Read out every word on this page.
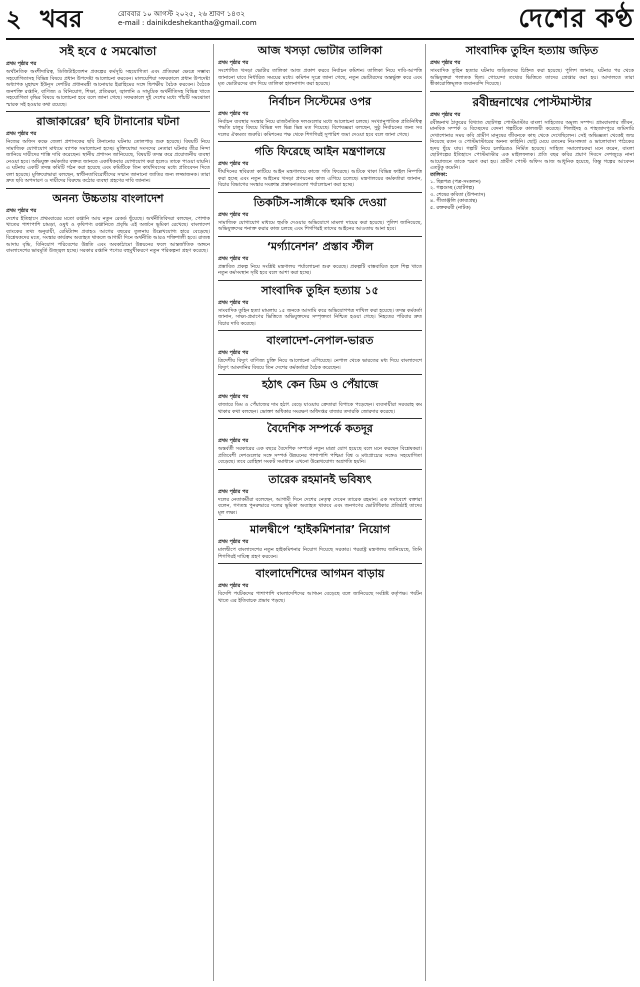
২ খবর	রোববার ১০ আগস্ট ২০২৫, ২৬ শ্রাবণ ১৪৩২
e-mail : dainikdeshekantha@gmail.com	দেশের কণ্ঠ
সই হবে ৫ সমঝোতা

প্রথম পৃষ্ঠার পর

অর্থনৈতিক অংশীদারিত্ব, ডিজিটাইজেশন প্রকল্পের কর্মসূচি সহযোগিতা এবং প্রতিরক্ষা ক্ষেত্রে সম্ভাব্য সহযোগিতাসহ বিভিন্ন বিষয়ে প্রধান উপদেষ্টা আলোচনা করবেন। মালয়েশিয়া সফরকালে প্রধান উপদেষ্টা অধ্যাপক মুহাম্মদ ইউনূস দেশটির প্রধানমন্ত্রী আনোয়ার ইব্রাহিমের সঙ্গে দ্বিপক্ষীয় বৈঠক করবেন। বৈঠকে জনশক্তি রপ্তানি, বাণিজ্য ও বিনিয়োগ, শিক্ষা, প্রতিরক্ষা, জ্বালানি ও সামুদ্রিক অর্থনীতিসহ বিভিন্ন খাতে সহযোগিতা বৃদ্ধির বিষয়ে আলোচনা হবে বলে জানা গেছে। সফরকালে দুই দেশের মধ্যে পাঁচটি সমঝোতা স্মারক সই হওয়ার কথা রয়েছে।

রাজাকারের’ ছবি টানানোর ঘটনা

প্রথম পৃষ্ঠার পর

নিজের অফিস কক্ষে জেলা প্রশাসকের ছবি টানানোর ঘটনায় তোলপাড় শুরু হয়েছে। বিষয়টি নিয়ে সামাজিক যোগাযোগ মাধ্যমে ব্যাপক সমালোচনা হচ্ছে। মুক্তিযোদ্ধা সংসদের নেতারা ঘটনার তীব্র নিন্দা জানিয়ে দায়ীদের শাস্তি দাবি করেছেন। স্থানীয় প্রশাসন জানিয়েছে, বিষয়টি তদন্ত করে প্রয়োজনীয় ব্যবস্থা নেওয়া হবে। অভিযুক্ত কর্মকর্তার বক্তব্য জানতে একাধিকবার যোগাযোগ করা হলেও তাকে পাওয়া যায়নি। এ ঘটনায় একটি তদন্ত কমিটি গঠন করা হয়েছে এবং কমিটিকে তিন কার্যদিবসের মধ্যে প্রতিবেদন দিতে বলা হয়েছে। মুক্তিযোদ্ধারা বলছেন, স্বাধীনতাবিরোধীদের সম্মান জানানো জাতির জন্য লজ্জাজনক। তারা দ্রুত ছবি অপসারণ ও দায়ীদের বিরুদ্ধে কঠোর ব্যবস্থা গ্রহণের দাবি জানান।

অনন্য উচ্চতায় বাংলাদেশ

প্রথম পৃষ্ঠার পর

দেশের ইতিহাসে প্রথমবারের মতো রপ্তানি আয় নতুন রেকর্ড ছুঁয়েছে। অর্থনীতিবিদরা বলছেন, পোশাক খাতের পাশাপাশি চামড়া, ওষুধ ও কৃষিপণ্য রপ্তানিতে প্রবৃদ্ধি এই অর্জনে ভূমিকা রেখেছে। বাংলাদেশ ব্যাংকের তথ্য অনুযায়ী, রেমিট্যান্স প্রবাহও আগের বছরের তুলনায় উল্লেখযোগ্য হারে বেড়েছে। বিশ্লেষকদের মতে, সংস্কার কার্যক্রম অব্যাহত থাকলে আগামী দিনে অর্থনীতি আরও শক্তিশালী হবে। রাজস্ব আদায় বৃদ্ধি, বিনিয়োগ পরিবেশের উন্নতি এবং অবকাঠামো উন্নয়নের ফলে আন্তর্জাতিক অঙ্গনে বাংলাদেশের ভাবমূর্তি উজ্জ্বল হচ্ছে। সরকার রপ্তানি পণ্যের বহুমুখীকরণে নতুন পরিকল্পনা গ্রহণ করেছে।

আজ খসড়া ভোটার তালিকা

প্রথম পৃষ্ঠার পর

সংশোধিত খসড়া ভোটার তালিকা আজ প্রকাশ করবে নির্বাচন কমিশন। তালিকা নিয়ে দাবি-আপত্তি জানানো যাবে নির্ধারিত সময়ের মধ্যে। কমিশন সূত্রে জানা গেছে, নতুন ভোটারদের অন্তর্ভুক্ত করে এবং মৃত ভোটারদের বাদ দিয়ে তালিকা হালনাগাদ করা হয়েছে।

নির্বাচন সিস্টেমের ওপর

প্রথম পৃষ্ঠার পর

নির্বাচন ব্যবস্থার সংস্কার নিয়ে রাজনৈতিক দলগুলোর মধ্যে আলোচনা চলছে। সংখ্যানুপাতিক প্রতিনিধিত্ব পদ্ধতি চালুর বিষয়ে বিভিন্ন দল ভিন্ন ভিন্ন মত দিয়েছে। বিশেষজ্ঞরা বলছেন, সুষ্ঠু নির্বাচনের জন্য সব দলের ঐকমত্য জরুরি। কমিশনের পক্ষ থেকে শিগগিরই সুপারিশ জমা দেওয়া হবে বলে জানা গেছে।

গতি ফিরেছে আইন মন্ত্রণালয়ে

প্রথম পৃষ্ঠার পর

দীর্ঘদিনের স্থবিরতা কাটিয়ে আইন মন্ত্রণালয়ে কাজে গতি ফিরেছে। আটকে থাকা বিভিন্ন ফাইল নিষ্পত্তি করা হচ্ছে এবং নতুন আইনের খসড়া প্রণয়নের কাজ এগিয়ে চলেছে। মন্ত্রণালয়ের কর্মকর্তারা জানান, বিচার বিভাগের সংস্কার সংক্রান্ত প্রস্তাবনাগুলো পর্যালোচনা করা হচ্ছে।

তিকটিস-সাঙ্গীকে হুমকি দেওয়া

প্রথম পৃষ্ঠার পর

সামাজিক যোগাযোগ মাধ্যমে হুমকি দেওয়ার অভিযোগে মামলা দায়ের করা হয়েছে। পুলিশ জানিয়েছে, অভিযুক্তদের শনাক্ত করার কাজ চলছে এবং শিগগিরই তাদের আইনের আওতায় আনা হবে।

‘মর্গ্যানেশন’ প্রস্তাব স্টীল

প্রথম পৃষ্ঠার পর

প্রস্তাবিত প্রকল্প নিয়ে সংশ্লিষ্ট মন্ত্রণালয় পর্যালোচনা শুরু করেছে। প্রকল্পটি বাস্তবায়িত হলে শিল্প খাতে নতুন কর্মসংস্থান সৃষ্টি হবে বলে আশা করা হচ্ছে।

সাংবাদিক তুহিন হত্যায় ১৫

প্রথম পৃষ্ঠার পর

সাংবাদিক তুহিন হত্যা মামলায় ১৫ জনকে আসামি করে অভিযোগপত্র দাখিল করা হয়েছে। তদন্ত কর্মকর্তা জানান, সাক্ষ্য-প্রমাণের ভিত্তিতে অভিযুক্তদের সম্পৃক্ততা নিশ্চিত হওয়া গেছে। নিহতের পরিবার দ্রুত বিচার দাবি করেছে।

বাংলাদেশ-নেপাল-ভারত

প্রথম পৃষ্ঠার পর

ত্রিদেশীয় বিদ্যুৎ বাণিজ্য চুক্তি নিয়ে আলোচনা এগিয়েছে। নেপাল থেকে ভারতের মধ্য দিয়ে বাংলাদেশে বিদ্যুৎ আমদানির বিষয়ে তিন দেশের কর্মকর্তারা বৈঠক করেছেন।

হঠাৎ কেন ডিম ও পেঁয়াজে

প্রথম পৃষ্ঠার পর

বাজারে ডিম ও পেঁয়াজের দাম হঠাৎ বেড়ে যাওয়ায় ক্রেতারা বিপাকে পড়েছেন। ব্যবসায়ীরা সরবরাহ কম থাকার কথা বলছেন। ভোক্তা অধিকার সংরক্ষণ অধিদপ্তর বাজার তদারকি জোরদার করেছে।

বৈদেশিক সম্পর্কে কতদূর

প্রথম পৃষ্ঠার পর

অন্তর্বর্তী সরকারের এক বছরে বৈদেশিক সম্পর্কে নতুন মাত্রা যোগ হয়েছে বলে মনে করছেন বিশ্লেষকরা। প্রতিবেশী দেশগুলোর সঙ্গে সম্পর্ক উন্নয়নের পাশাপাশি পশ্চিমা বিশ্ব ও মধ্যপ্রাচ্যের সঙ্গেও সহযোগিতা বেড়েছে। তবে রোহিঙ্গা সংকট সমাধানে এখনো উল্লেখযোগ্য অগ্রগতি হয়নি।

তারেক রহমানই ভবিষ্যৎ

প্রথম পৃষ্ঠার পর

দলের নেতাকর্মীরা বলেছেন, আগামী দিনে দেশের নেতৃত্ব দেবেন তারেক রহমান। এক সমাবেশে বক্তারা বলেন, গণতন্ত্র পুনরুদ্ধারে দলের ভূমিকা অব্যাহত থাকবে এবং জনগণের ভোটাধিকার প্রতিষ্ঠাই তাদের মূল লক্ষ্য।

মালদ্বীপে ‘হাইকমিশনার’ নিয়োগ

প্রথম পৃষ্ঠার পর

মালদ্বীপে বাংলাদেশের নতুন হাইকমিশনার নিয়োগ দিয়েছে সরকার। পররাষ্ট্র মন্ত্রণালয় জানিয়েছে, তিনি শিগগিরই দায়িত্ব গ্রহণ করবেন।

বাংলাদেশিদের আগমন বাড়ায়

প্রথম পৃষ্ঠার পর

বিদেশি পর্যটকদের পাশাপাশি বাংলাদেশিদের আগমন বেড়েছে বলে জানিয়েছে সংশ্লিষ্ট কর্তৃপক্ষ। পর্যটন খাতে এর ইতিবাচক প্রভাব পড়ছে।

সাংবাদিক তুহিন হত্যায় জড়িত

প্রথম পৃষ্ঠার পর

সাংবাদিক তুহিন হত্যার ঘটনায় জড়িতদের চিহ্নিত করা হয়েছে। পুলিশ জানায়, ঘটনার পর থেকে অভিযুক্তরা পলাতক ছিল। গোয়েন্দা তথ্যের ভিত্তিতে তাদের গ্রেপ্তার করা হয়। আদালতে তারা স্বীকারোক্তিমূলক জবানবন্দি দিয়েছে।

রবীন্দ্রনাথের পোস্টমাস্টার

প্রথম পৃষ্ঠার পর

রবীন্দ্রনাথ ঠাকুরের বিখ্যাত ছোটগল্প পোস্টমাস্টার বাংলা সাহিত্যের অমূল্য সম্পদ। গ্রামবাংলার জীবন, মানবিক সম্পর্ক ও বিচ্ছেদের বেদনা গল্পটিকে কালজয়ী করেছে। শিলাইদহ ও শাহজাদপুরে জমিদারি দেখাশোনার সময় কবি গ্রামীণ মানুষের জীবনকে কাছ থেকে দেখেছিলেন। সেই অভিজ্ঞতা থেকেই জন্ম নিয়েছে রতন ও পোস্টমাস্টারের অনন্য কাহিনি। ছোট্ট মেয়ে রতনের নিঃসঙ্গতা ও ভালোবাসা পাঠকের হৃদয় ছুঁয়ে যায়। গল্পটি নিয়ে চলচ্চিত্রও নির্মিত হয়েছে। সাহিত্য সমালোচকরা মনে করেন, বাংলা ছোটগল্পের ইতিহাসে পোস্টমাস্টার এক মাইলফলক। প্রতি বছর কবির প্রয়াণ দিবসে দেশজুড়ে নানা আয়োজনে তাকে স্মরণ করা হয়। গ্রামীণ পোস্ট অফিস আজ আধুনিক হয়েছে, কিন্তু গল্পের আবেদন এতটুকু কমেনি।

তালিকা:

১. ছিন্নপত্র (পত্র-সংকলন)

২. গল্পগুচ্ছ (ছোটগল্প)

৩. শেষের কবিতা (উপন্যাস)

৪. গীতাঞ্জলি (কাব্যগ্রন্থ)

৫. রক্তকরবী (নাটক)
